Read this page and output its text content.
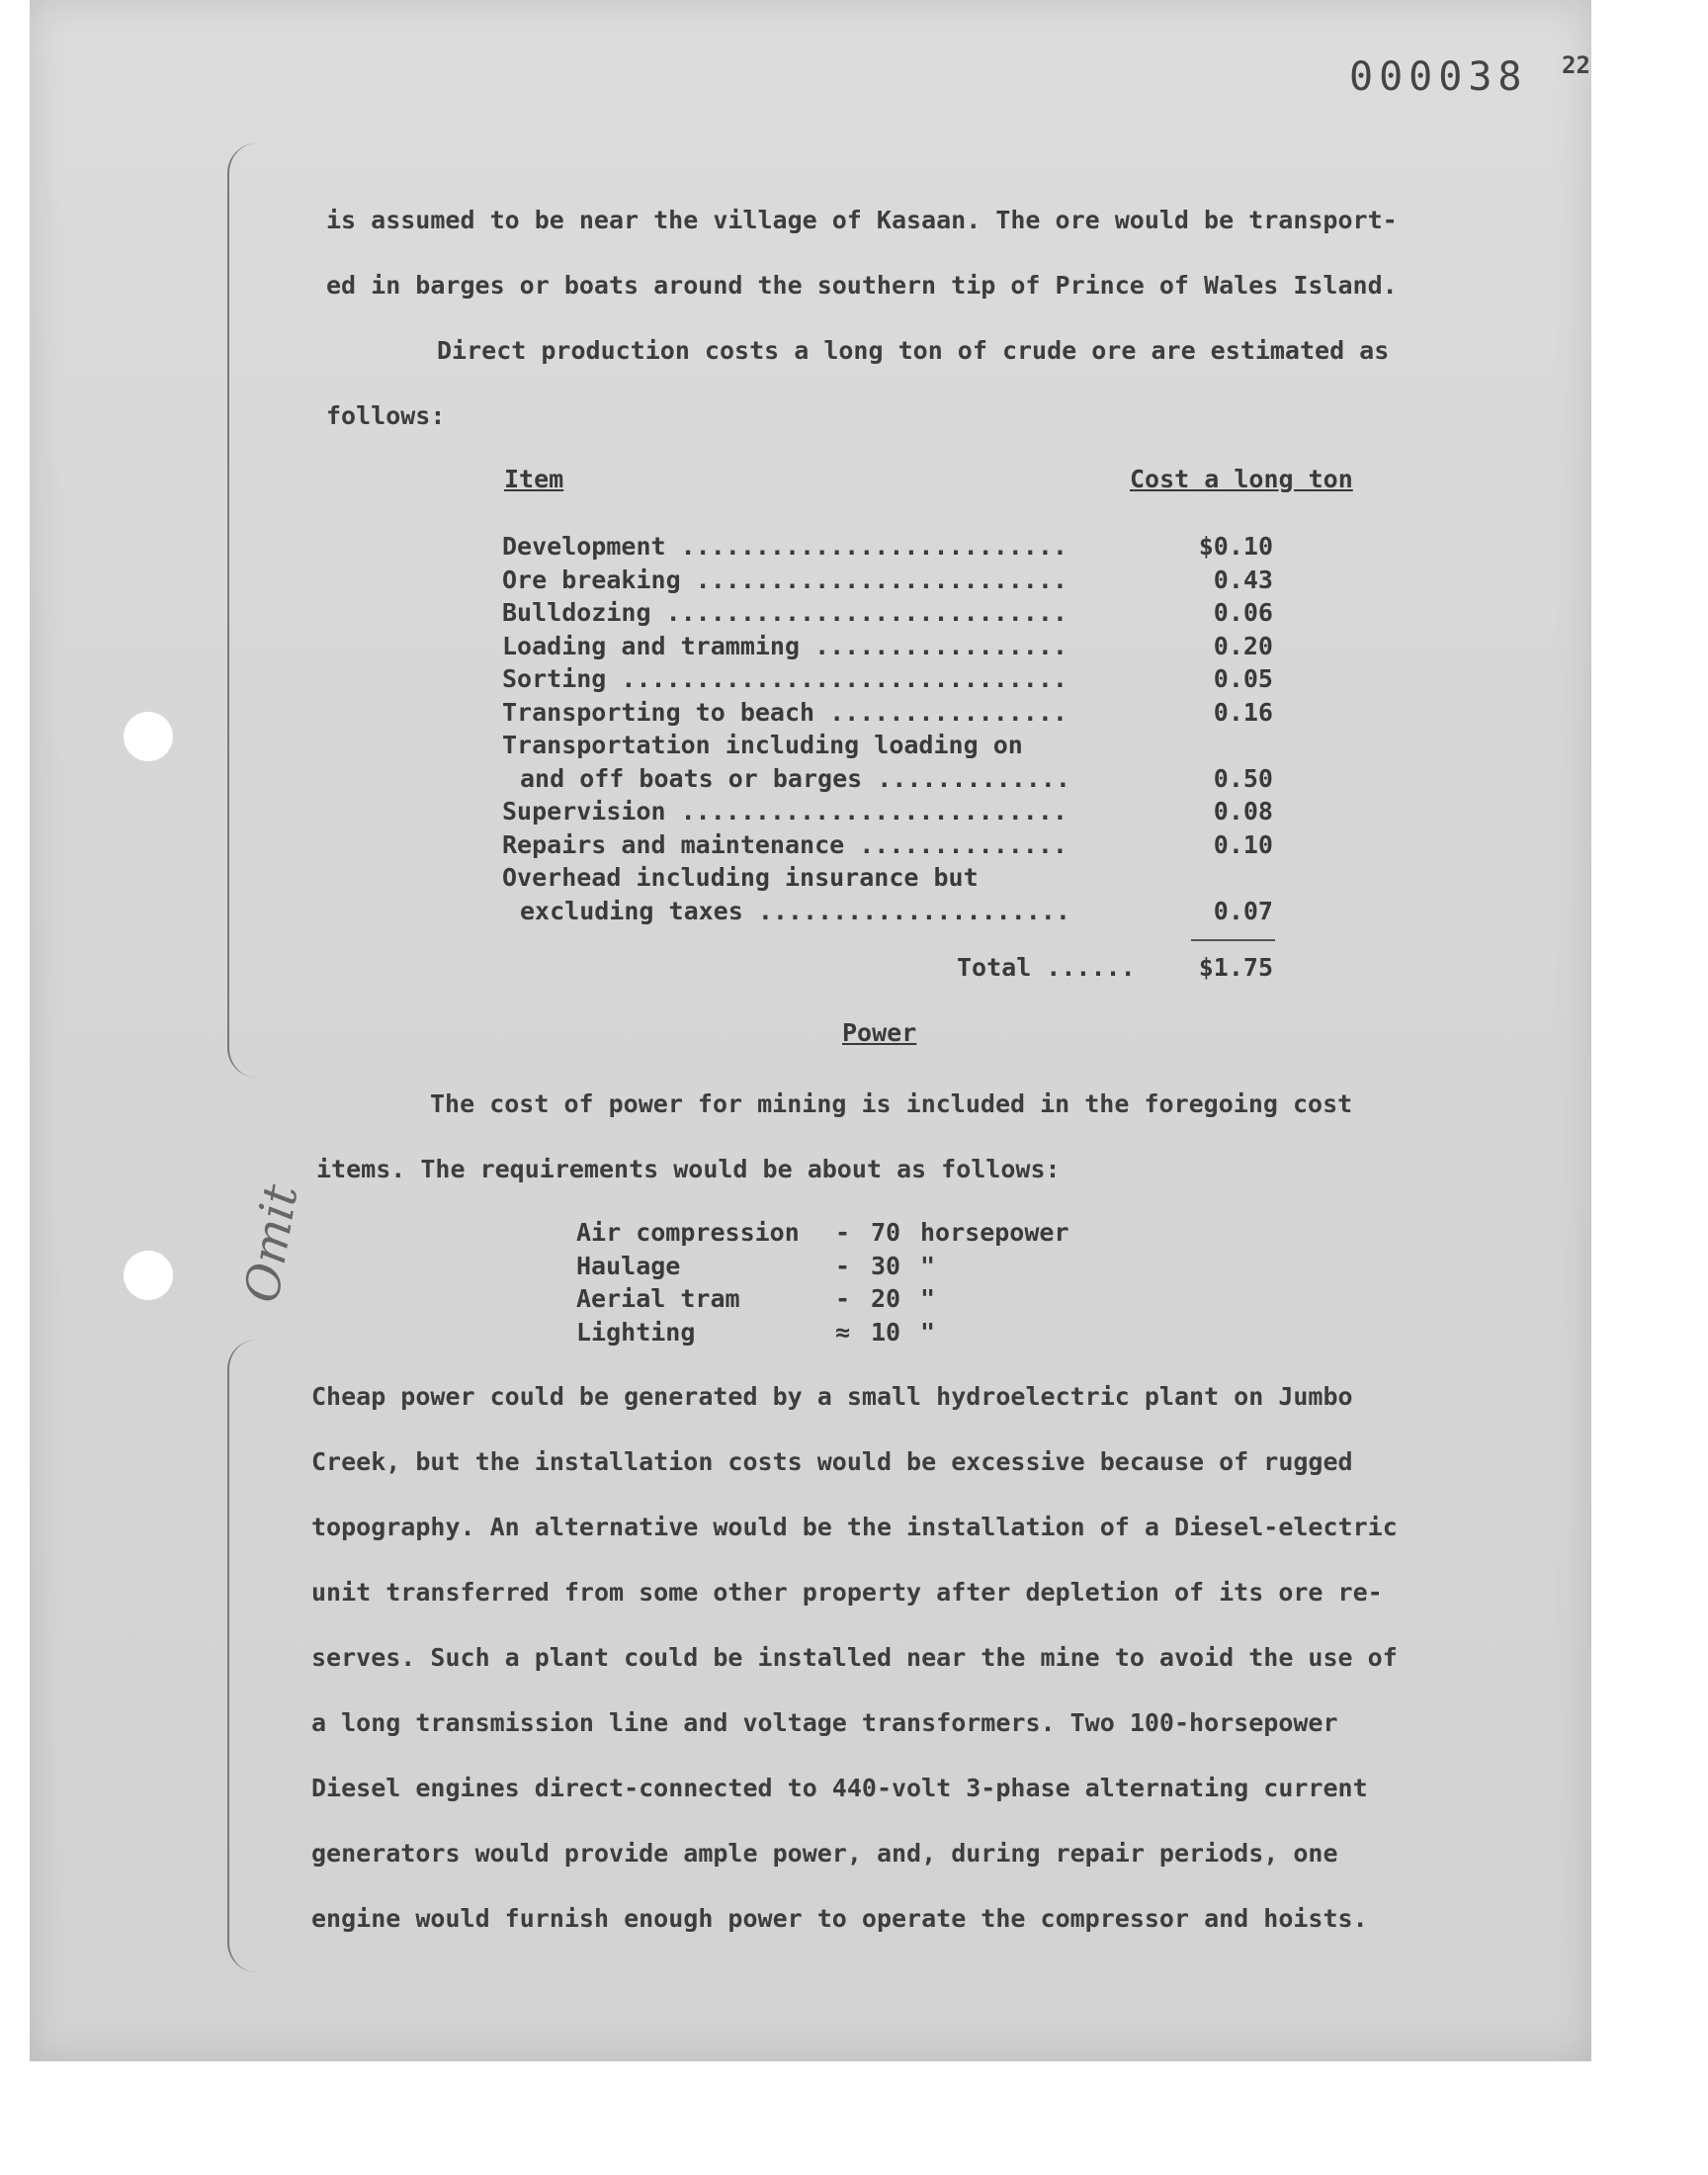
000038 22
Omit

is assumed to be near the village of Kasaan. The ore would be transport-
ed in barges or boats around the southern tip of Prince of Wales Island.

Direct production costs a long ton of crude ore are estimated as
follows:

Item	Cost a long ton
Development ..........................	$0.10
Ore breaking .........................	0.43
Bulldozing ...........................	0.06
Loading and tramming .................	0.20
Sorting ..............................	0.05
Transporting to beach ................	0.16
Transportation including loading on
and off boats or barges .............	0.50
Supervision ..........................	0.08
Repairs and maintenance ..............	0.10
Overhead including insurance but
excluding taxes .....................	0.07
Total ......	$1.75
Power

The cost of power for mining is included in the foregoing cost
items. The requirements would be about as follows:

Air compression - 70 horsepower
Haulage	- 30 "
Aerial tram	- 20 "
Lighting	≈ 10 "

Cheap power could be generated by a small hydroelectric plant on Jumbo
Creek, but the installation costs would be excessive because of rugged
topography. An alternative would be the installation of a Diesel-electric
unit transferred from some other property after depletion of its ore re-
serves. Such a plant could be installed near the mine to avoid the use of
a long transmission line and voltage transformers. Two 100-horsepower
Diesel engines direct-connected to 440-volt 3-phase alternating current
generators would provide ample power, and, during repair periods, one
engine would furnish enough power to operate the compressor and hoists.
